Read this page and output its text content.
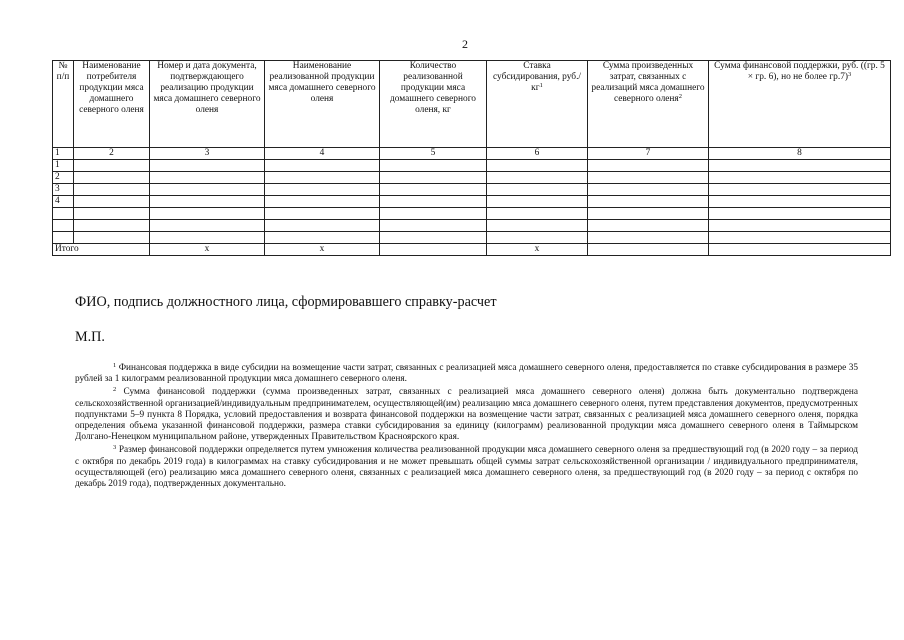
2
№ п/п	Наименование потребителя продукции мяса домашнего северного оленя	Номер и дата документа, подтверждающего реализацию продукции мяса домашнего северного оленя	Наименование реализованной продукции мяса домашнего северного оленя	Количество реализованной продукции мяса домашнего северного оленя, кг	Ставка субсидирования, $руб./кг^1$	Сумма произведенных затрат, связанных с реализаций мяса домашнего северного оленя$^2$	Сумма финансовой поддержки, руб. ((гр. 5 × гр. 6), но не более гр.7)$^3$
1	2	3	4	5	6	7	8
1							
2							
3							
4							

Итого		х	х		х		
ФИО, подпись должностного лица, сформировавшего справку-расчет
М.П.

$^1$ Финансовая поддержка в виде субсидии на возмещение части затрат, связанных с реализацией мяса домашнего северного оленя, предоставляется по ставке субсидирования в размере 35 рублей за 1 килограмм реализованной продукции мяса домашнего северного оленя.

$^2$ Сумма финансовой поддержки (сумма произведенных затрат, связанных с реализацией мяса домашнего северного оленя) должна быть документально подтверждена сельскохозяйственной организацией/индивидуальным предпринимателем, осуществляющей(им) реализацию мяса домашнего северного оленя, путем представления документов, предусмотренных подпунктами 5–9 пункта 8 Порядка, условий предоставления и возврата финансовой поддержки на возмещение части затрат, связанных с реализацией мяса домашнего северного оленя, порядка определения объема указанной финансовой поддержки, размера ставки субсидирования за единицу (килограмм) реализованной продукции мяса домашнего северного оленя в Таймырском Долгано-Ненецком муниципальном районе, утвержденных Правительством Красноярского края.

$^3$ Размер финансовой поддержки определяется путем умножения количества реализованной продукции мяса домашнего северного оленя за предшествующий год (в 2020 году – за период с октября по декабрь 2019 года) в килограммах на ставку субсидирования и не может превышать общей суммы затрат сельскохозяйственной организации / индивидуального предпринимателя, осуществляющей (его) реализацию мяса домашнего северного оленя, связанных с реализацией мяса домашнего северного оленя, за предшествующий год (в 2020 году – за период с октября по декабрь 2019 года), подтвержденных документально.
